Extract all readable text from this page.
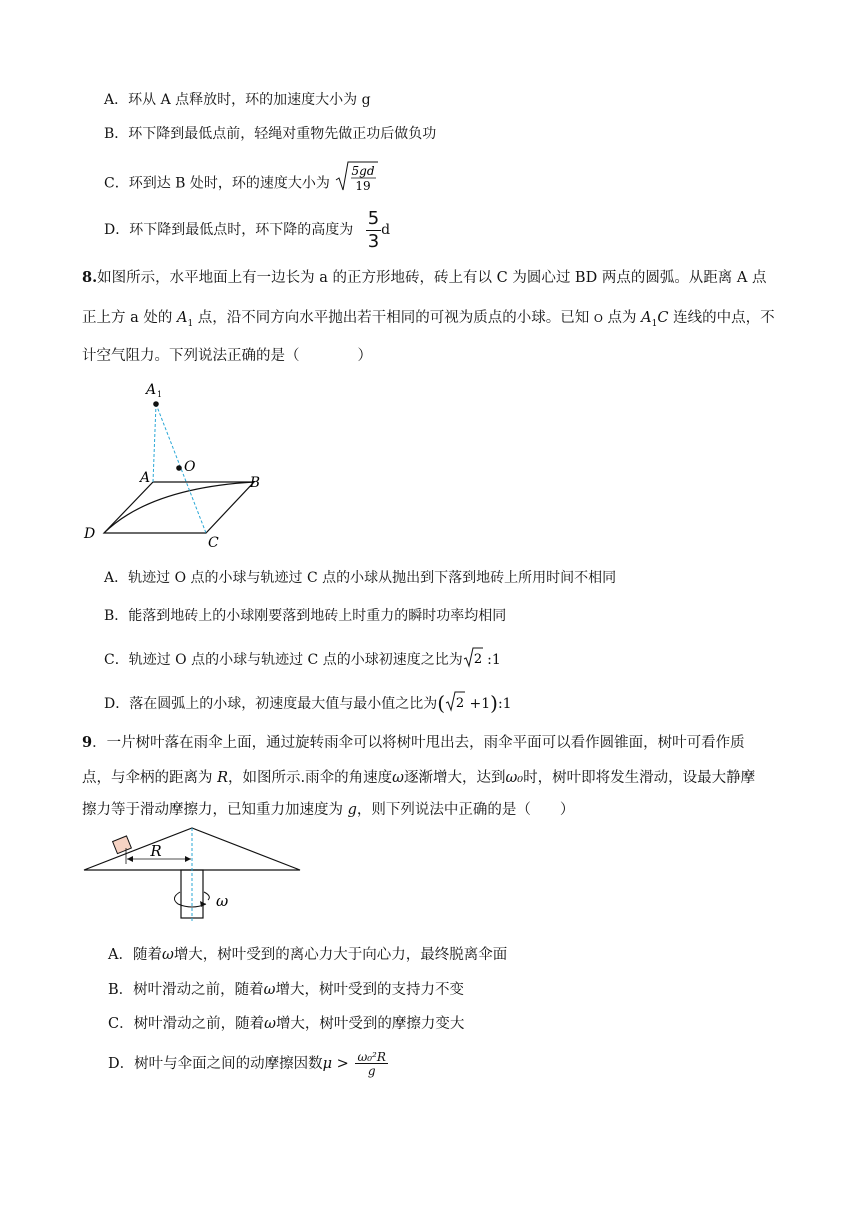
A．环从 A 点释放时，环的加速度大小为 g
B．环下降到最低点前，轻绳对重物先做正功后做负功
C．环到达 B 处时，环的速度大小为
5gd
19
D．环下降到最低点时，环下降的高度为 $\frac{5}{3}$ d
8.如图所示，水平地面上有一边长为 a 的正方形地砖，砖上有以 C 为圆心过 BD 两点的圆弧。从距离 A 点
正上方 a 处的 $A_1$ 点，沿不同方向水平抛出若干相同的可视为质点的小球。已知 O 点为 $A_1C$ 连线的中点，不
计空气阻力。下列说法正确的是（　　　　）
A 1
O
A	B
C
D
A．轨迹过 O 点的小球与轨迹过 C 点的小球从抛出到下落到地砖上所用时间不相同
B．能落到地砖上的小球刚要落到地砖上时重力的瞬时功率均相同
C．轨迹过 O 点的小球与轨迹过 C 点的小球初速度之比为 2 :1
D．落在圆弧上的小球，初速度最大值与最小值之比为( 2 +1):1
9．一片树叶落在雨伞上面，通过旋转雨伞可以将树叶甩出去，雨伞平面可以看作圆锥面，树叶可看作质
点，与伞柄的距离为 R，如图所示.雨伞的角速度ω逐渐增大，达到ω₀时，树叶即将发生滑动，设最大静摩
擦力等于滑动摩擦力，已知重力加速度为 g，则下列说法中正确的是（　　）
R
ω
A．随着ω增大，树叶受到的离心力大于向心力，最终脱离伞面
B．树叶滑动之前，随着ω增大，树叶受到的支持力不变
C．树叶滑动之前，随着ω增大，树叶受到的摩擦力变大
D．树叶与伞面之间的动摩擦因数$\mu > \frac{\text{ω₀²R}}{g}$
